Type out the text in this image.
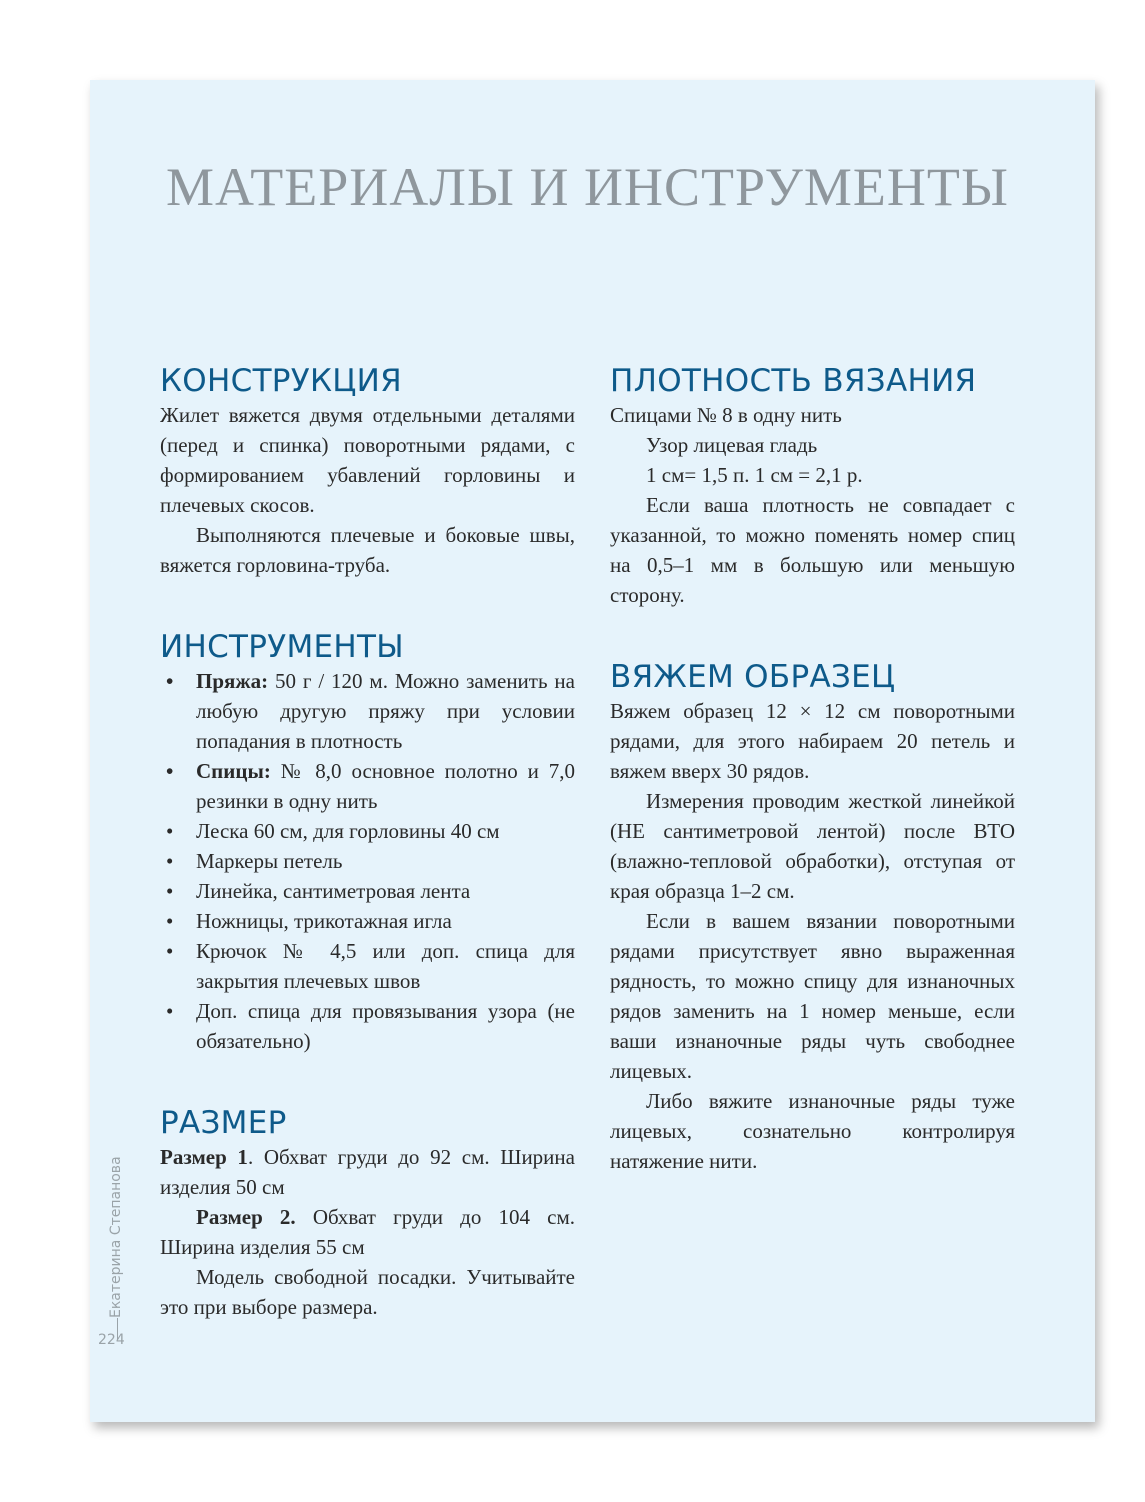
МАТЕРИАЛЫ И ИНСТРУМЕНТЫ
КОНСТРУКЦИЯ

Жилет вяжется двумя отдельными деталями (перед и спинка) поворотными рядами, с формированием убавлений горловины и плечевых скосов.

Выполняются плечевые и боковые швы, вяжется горловина-труба.

ИНСТРУМЕНТЫ
• Пряжа: 50 г / 120 м. Можно заменить на любую другую пряжу при условии попадания в плотность
• Спицы: № 8,0 основное полотно и 7,0 резинки в одну нить
• Леска 60 см, для горловины 40 см
• Маркеры петель
• Линейка, сантиметровая лента
• Ножницы, трикотажная игла
• Крючок № 4,5 или доп. спица для закрытия плечевых швов
• Доп. спица для провязывания узора (не обязательно)
РАЗМЕР

Размер 1. Обхват груди до 92 см. Ширина изделия 50 см

Размер 2. Обхват груди до 104 см. Ширина изделия 55 см

Модель свободной посадки. Учитывайте это при выборе размера.

ПЛОТНОСТЬ ВЯЗАНИЯ

Спицами № 8 в одну нить

Узор лицевая гладь

1 см= 1,5 п. 1 см = 2,1 р.

Если ваша плотность не совпадает с указанной, то можно поменять номер спиц на 0,5–1 мм в большую или меньшую сторону.

ВЯЖЕМ ОБРАЗЕЦ

Вяжем образец 12 × 12 см поворотными рядами, для этого набираем 20 петель и вяжем вверх 30 рядов.

Измерения проводим жесткой линейкой (НЕ сантиметровой лентой) после ВТО (влажно-тепловой обработки), отступая от края образца 1–2 см.

Если в вашем вязании поворотными рядами присутствует явно выраженная рядность, то можно спицу для изнаночных рядов заменить на 1 номер меньше, если ваши изнаночные ряды чуть свободнее лицевых.

Либо вяжите изнаночные ряды туже лицевых, сознательно контролируя натяжение нити.

Екатерина Степанова
224
